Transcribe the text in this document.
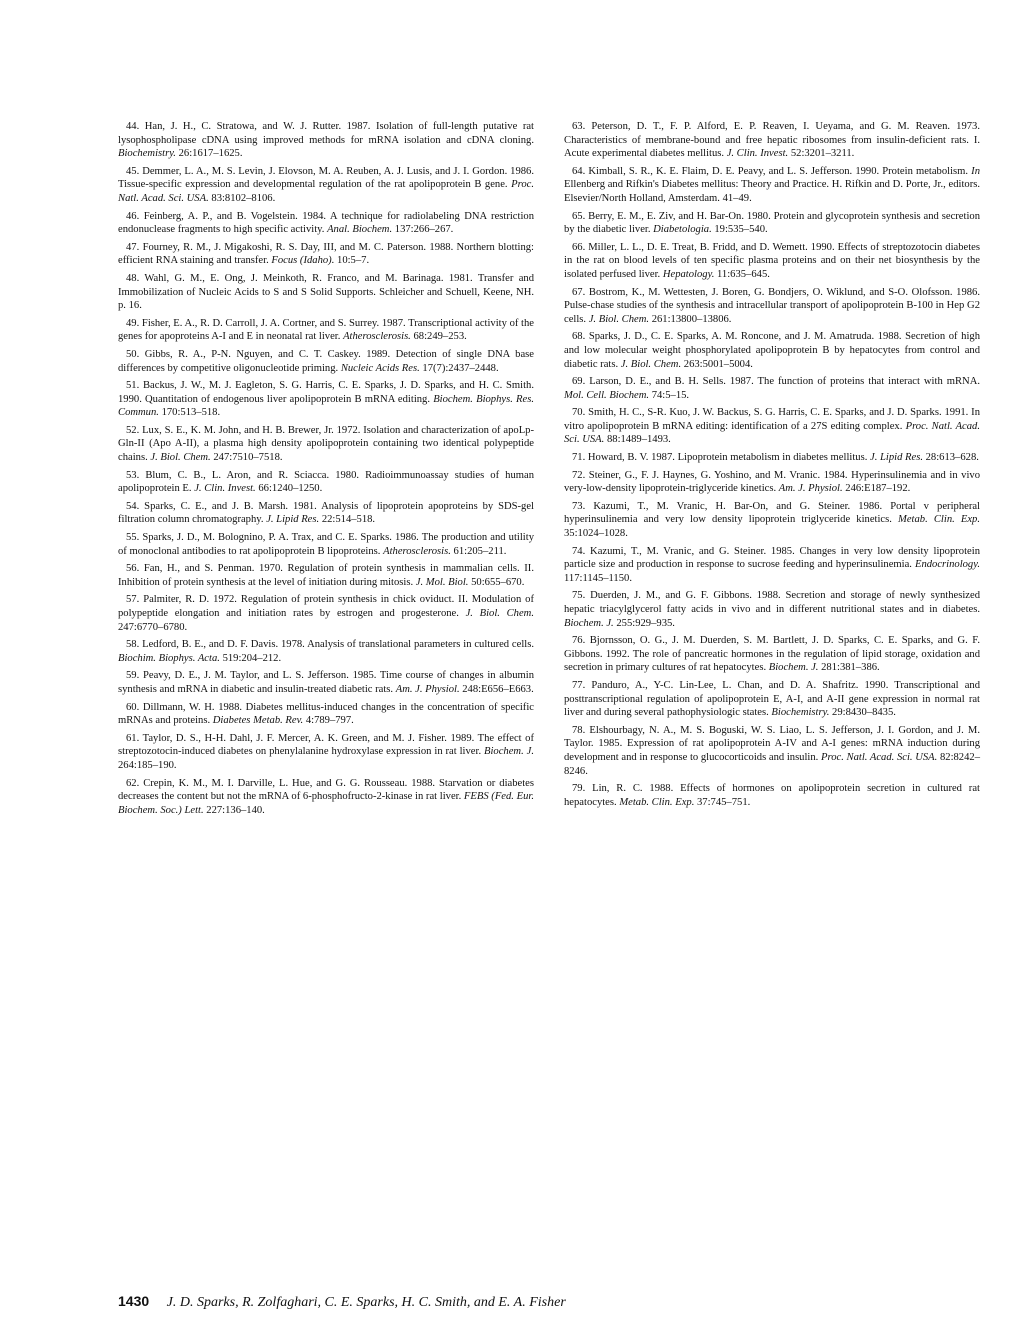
44. Han, J. H., C. Stratowa, and W. J. Rutter. 1987. Isolation of full-length putative rat lysophospholipase cDNA using improved methods for mRNA isolation and cDNA cloning. Biochemistry. 26:1617–1625.

45. Demmer, L. A., M. S. Levin, J. Elovson, M. A. Reuben, A. J. Lusis, and J. I. Gordon. 1986. Tissue-specific expression and developmental regulation of the rat apolipoprotein B gene. Proc. Natl. Acad. Sci. USA. 83:8102–8106.

46. Feinberg, A. P., and B. Vogelstein. 1984. A technique for radiolabeling DNA restriction endonuclease fragments to high specific activity. Anal. Biochem. 137:266–267.

47. Fourney, R. M., J. Migakoshi, R. S. Day, III, and M. C. Paterson. 1988. Northern blotting: efficient RNA staining and transfer. Focus (Idaho). 10:5–7.

48. Wahl, G. M., E. Ong, J. Meinkoth, R. Franco, and M. Barinaga. 1981. Transfer and Immobilization of Nucleic Acids to S and S Solid Supports. Schleicher and Schuell, Keene, NH. p. 16.

49. Fisher, E. A., R. D. Carroll, J. A. Cortner, and S. Surrey. 1987. Transcriptional activity of the genes for apoproteins A-I and E in neonatal rat liver. Atherosclerosis. 68:249–253.

50. Gibbs, R. A., P-N. Nguyen, and C. T. Caskey. 1989. Detection of single DNA base differences by competitive oligonucleotide priming. Nucleic Acids Res. 17(7):2437–2448.

51. Backus, J. W., M. J. Eagleton, S. G. Harris, C. E. Sparks, J. D. Sparks, and H. C. Smith. 1990. Quantitation of endogenous liver apolipoprotein B mRNA editing. Biochem. Biophys. Res. Commun. 170:513–518.

52. Lux, S. E., K. M. John, and H. B. Brewer, Jr. 1972. Isolation and characterization of apoLp-Gln-II (Apo A-II), a plasma high density apolipoprotein containing two identical polypeptide chains. J. Biol. Chem. 247:7510–7518.

53. Blum, C. B., L. Aron, and R. Sciacca. 1980. Radioimmunoassay studies of human apolipoprotein E. J. Clin. Invest. 66:1240–1250.

54. Sparks, C. E., and J. B. Marsh. 1981. Analysis of lipoprotein apoproteins by SDS-gel filtration column chromatography. J. Lipid Res. 22:514–518.

55. Sparks, J. D., M. Bolognino, P. A. Trax, and C. E. Sparks. 1986. The production and utility of monoclonal antibodies to rat apolipoprotein B lipoproteins. Atherosclerosis. 61:205–211.

56. Fan, H., and S. Penman. 1970. Regulation of protein synthesis in mammalian cells. II. Inhibition of protein synthesis at the level of initiation during mitosis. J. Mol. Biol. 50:655–670.

57. Palmiter, R. D. 1972. Regulation of protein synthesis in chick oviduct. II. Modulation of polypeptide elongation and initiation rates by estrogen and progesterone. J. Biol. Chem. 247:6770–6780.

58. Ledford, B. E., and D. F. Davis. 1978. Analysis of translational parameters in cultured cells. Biochim. Biophys. Acta. 519:204–212.

59. Peavy, D. E., J. M. Taylor, and L. S. Jefferson. 1985. Time course of changes in albumin synthesis and mRNA in diabetic and insulin-treated diabetic rats. Am. J. Physiol. 248:E656–E663.

60. Dillmann, W. H. 1988. Diabetes mellitus-induced changes in the concentration of specific mRNAs and proteins. Diabetes Metab. Rev. 4:789–797.

61. Taylor, D. S., H-H. Dahl, J. F. Mercer, A. K. Green, and M. J. Fisher. 1989. The effect of streptozotocin-induced diabetes on phenylalanine hydroxylase expression in rat liver. Biochem. J. 264:185–190.

62. Crepin, K. M., M. I. Darville, L. Hue, and G. G. Rousseau. 1988. Starvation or diabetes decreases the content but not the mRNA of 6-phosphofructo-2-kinase in rat liver. FEBS (Fed. Eur. Biochem. Soc.) Lett. 227:136–140.

63. Peterson, D. T., F. P. Alford, E. P. Reaven, I. Ueyama, and G. M. Reaven. 1973. Characteristics of membrane-bound and free hepatic ribosomes from insulin-deficient rats. I. Acute experimental diabetes mellitus. J. Clin. Invest. 52:3201–3211.

64. Kimball, S. R., K. E. Flaim, D. E. Peavy, and L. S. Jefferson. 1990. Protein metabolism. In Ellenberg and Rifkin's Diabetes mellitus: Theory and Practice. H. Rifkin and D. Porte, Jr., editors. Elsevier/North Holland, Amsterdam. 41–49.

65. Berry, E. M., E. Ziv, and H. Bar-On. 1980. Protein and glycoprotein synthesis and secretion by the diabetic liver. Diabetologia. 19:535–540.

66. Miller, L. L., D. E. Treat, B. Fridd, and D. Wemett. 1990. Effects of streptozotocin diabetes in the rat on blood levels of ten specific plasma proteins and on their net biosynthesis by the isolated perfused liver. Hepatology. 11:635–645.

67. Bostrom, K., M. Wettesten, J. Boren, G. Bondjers, O. Wiklund, and S-O. Olofsson. 1986. Pulse-chase studies of the synthesis and intracellular transport of apolipoprotein B-100 in Hep G2 cells. J. Biol. Chem. 261:13800–13806.

68. Sparks, J. D., C. E. Sparks, A. M. Roncone, and J. M. Amatruda. 1988. Secretion of high and low molecular weight phosphorylated apolipoprotein B by hepatocytes from control and diabetic rats. J. Biol. Chem. 263:5001–5004.

69. Larson, D. E., and B. H. Sells. 1987. The function of proteins that interact with mRNA. Mol. Cell. Biochem. 74:5–15.

70. Smith, H. C., S-R. Kuo, J. W. Backus, S. G. Harris, C. E. Sparks, and J. D. Sparks. 1991. In vitro apolipoprotein B mRNA editing: identification of a 27S editing complex. Proc. Natl. Acad. Sci. USA. 88:1489–1493.

71. Howard, B. V. 1987. Lipoprotein metabolism in diabetes mellitus. J. Lipid Res. 28:613–628.

72. Steiner, G., F. J. Haynes, G. Yoshino, and M. Vranic. 1984. Hyperinsulinemia and in vivo very-low-density lipoprotein-triglyceride kinetics. Am. J. Physiol. 246:E187–192.

73. Kazumi, T., M. Vranic, H. Bar-On, and G. Steiner. 1986. Portal v peripheral hyperinsulinemia and very low density lipoprotein triglyceride kinetics. Metab. Clin. Exp. 35:1024–1028.

74. Kazumi, T., M. Vranic, and G. Steiner. 1985. Changes in very low density lipoprotein particle size and production in response to sucrose feeding and hyperinsulinemia. Endocrinology. 117:1145–1150.

75. Duerden, J. M., and G. F. Gibbons. 1988. Secretion and storage of newly synthesized hepatic triacylglycerol fatty acids in vivo and in different nutritional states and in diabetes. Biochem. J. 255:929–935.

76. Bjornsson, O. G., J. M. Duerden, S. M. Bartlett, J. D. Sparks, C. E. Sparks, and G. F. Gibbons. 1992. The role of pancreatic hormones in the regulation of lipid storage, oxidation and secretion in primary cultures of rat hepatocytes. Biochem. J. 281:381–386.

77. Panduro, A., Y-C. Lin-Lee, L. Chan, and D. A. Shafritz. 1990. Transcriptional and posttranscriptional regulation of apolipoprotein E, A-I, and A-II gene expression in normal rat liver and during several pathophysiologic states. Biochemistry. 29:8430–8435.

78. Elshourbagy, N. A., M. S. Boguski, W. S. Liao, L. S. Jefferson, J. I. Gordon, and J. M. Taylor. 1985. Expression of rat apolipoprotein A-IV and A-I genes: mRNA induction during development and in response to glucocorticoids and insulin. Proc. Natl. Acad. Sci. USA. 82:8242–8246.

79. Lin, R. C. 1988. Effects of hormones on apolipoprotein secretion in cultured rat hepatocytes. Metab. Clin. Exp. 37:745–751.

1430 J. D. Sparks, R. Zolfaghari, C. E. Sparks, H. C. Smith, and E. A. Fisher
